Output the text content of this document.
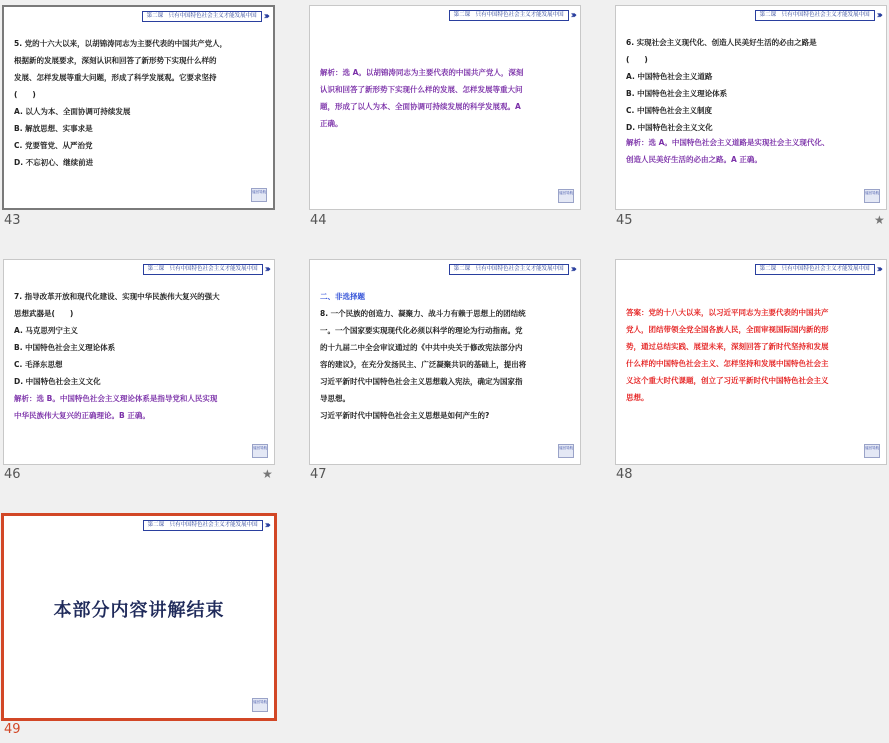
第二课　只有中国特色社会主义才能发展中国 ›››

5. 党的十六大以来，以胡锦涛同志为主要代表的中国共产党人，

根据新的发展要求，深刻认识和回答了新形势下实现什么样的

发展、怎样发展等重大问题，形成了科学发展观。它要求坚持

(　　)

A. 以人为本、全面协调可持续发展

B. 解放思想、实事求是

C. 党要管党、从严治党

D. 不忘初心、继续前进

返回导航
43
第二课　只有中国特色社会主义才能发展中国 ›››

解析：选 A。以胡锦涛同志为主要代表的中国共产党人，深刻

认识和回答了新形势下实现什么样的发展、怎样发展等重大问

题，形成了以人为本、全面协调可持续发展的科学发展观。A

正确。

返回导航
44
第二课　只有中国特色社会主义才能发展中国 ›››

6. 实现社会主义现代化、创造人民美好生活的必由之路是

(　　)

A. 中国特色社会主义道路

B. 中国特色社会主义理论体系

C. 中国特色社会主义制度

D. 中国特色社会主义文化

解析：选 A。中国特色社会主义道路是实现社会主义现代化、

创造人民美好生活的必由之路。A 正确。

返回导航
45	★
第二课　只有中国特色社会主义才能发展中国 ›››

7. 指导改革开放和现代化建设、实现中华民族伟大复兴的强大

思想武器是(　　)

A. 马克思列宁主义

B. 中国特色社会主义理论体系

C. 毛泽东思想

D. 中国特色社会主义文化

解析：选 B。中国特色社会主义理论体系是指导党和人民实现

中华民族伟大复兴的正确理论。B 正确。

返回导航
46	★
第二课　只有中国特色社会主义才能发展中国 ›››

二、非选择题

8. 一个民族的创造力、凝聚力、战斗力有赖于思想上的团结统

一。一个国家要实现现代化必须以科学的理论为行动指南。党

的十九届二中全会审议通过的《中共中央关于修改宪法部分内

容的建议》，在充分发扬民主、广泛凝聚共识的基础上，提出将

习近平新时代中国特色社会主义思想载入宪法，确定为国家指

导思想。

习近平新时代中国特色社会主义思想是如何产生的?

返回导航
47
第二课　只有中国特色社会主义才能发展中国 ›››

答案：党的十八大以来，以习近平同志为主要代表的中国共产

党人，团结带领全党全国各族人民，全面审视国际国内新的形

势，通过总结实践、展望未来，深刻回答了新时代坚持和发展

什么样的中国特色社会主义、怎样坚持和发展中国特色社会主

义这个重大时代课题，创立了习近平新时代中国特色社会主义

思想。

返回导航
48
第二课　只有中国特色社会主义才能发展中国 ›››
本部分内容讲解结束
返回导航
49
